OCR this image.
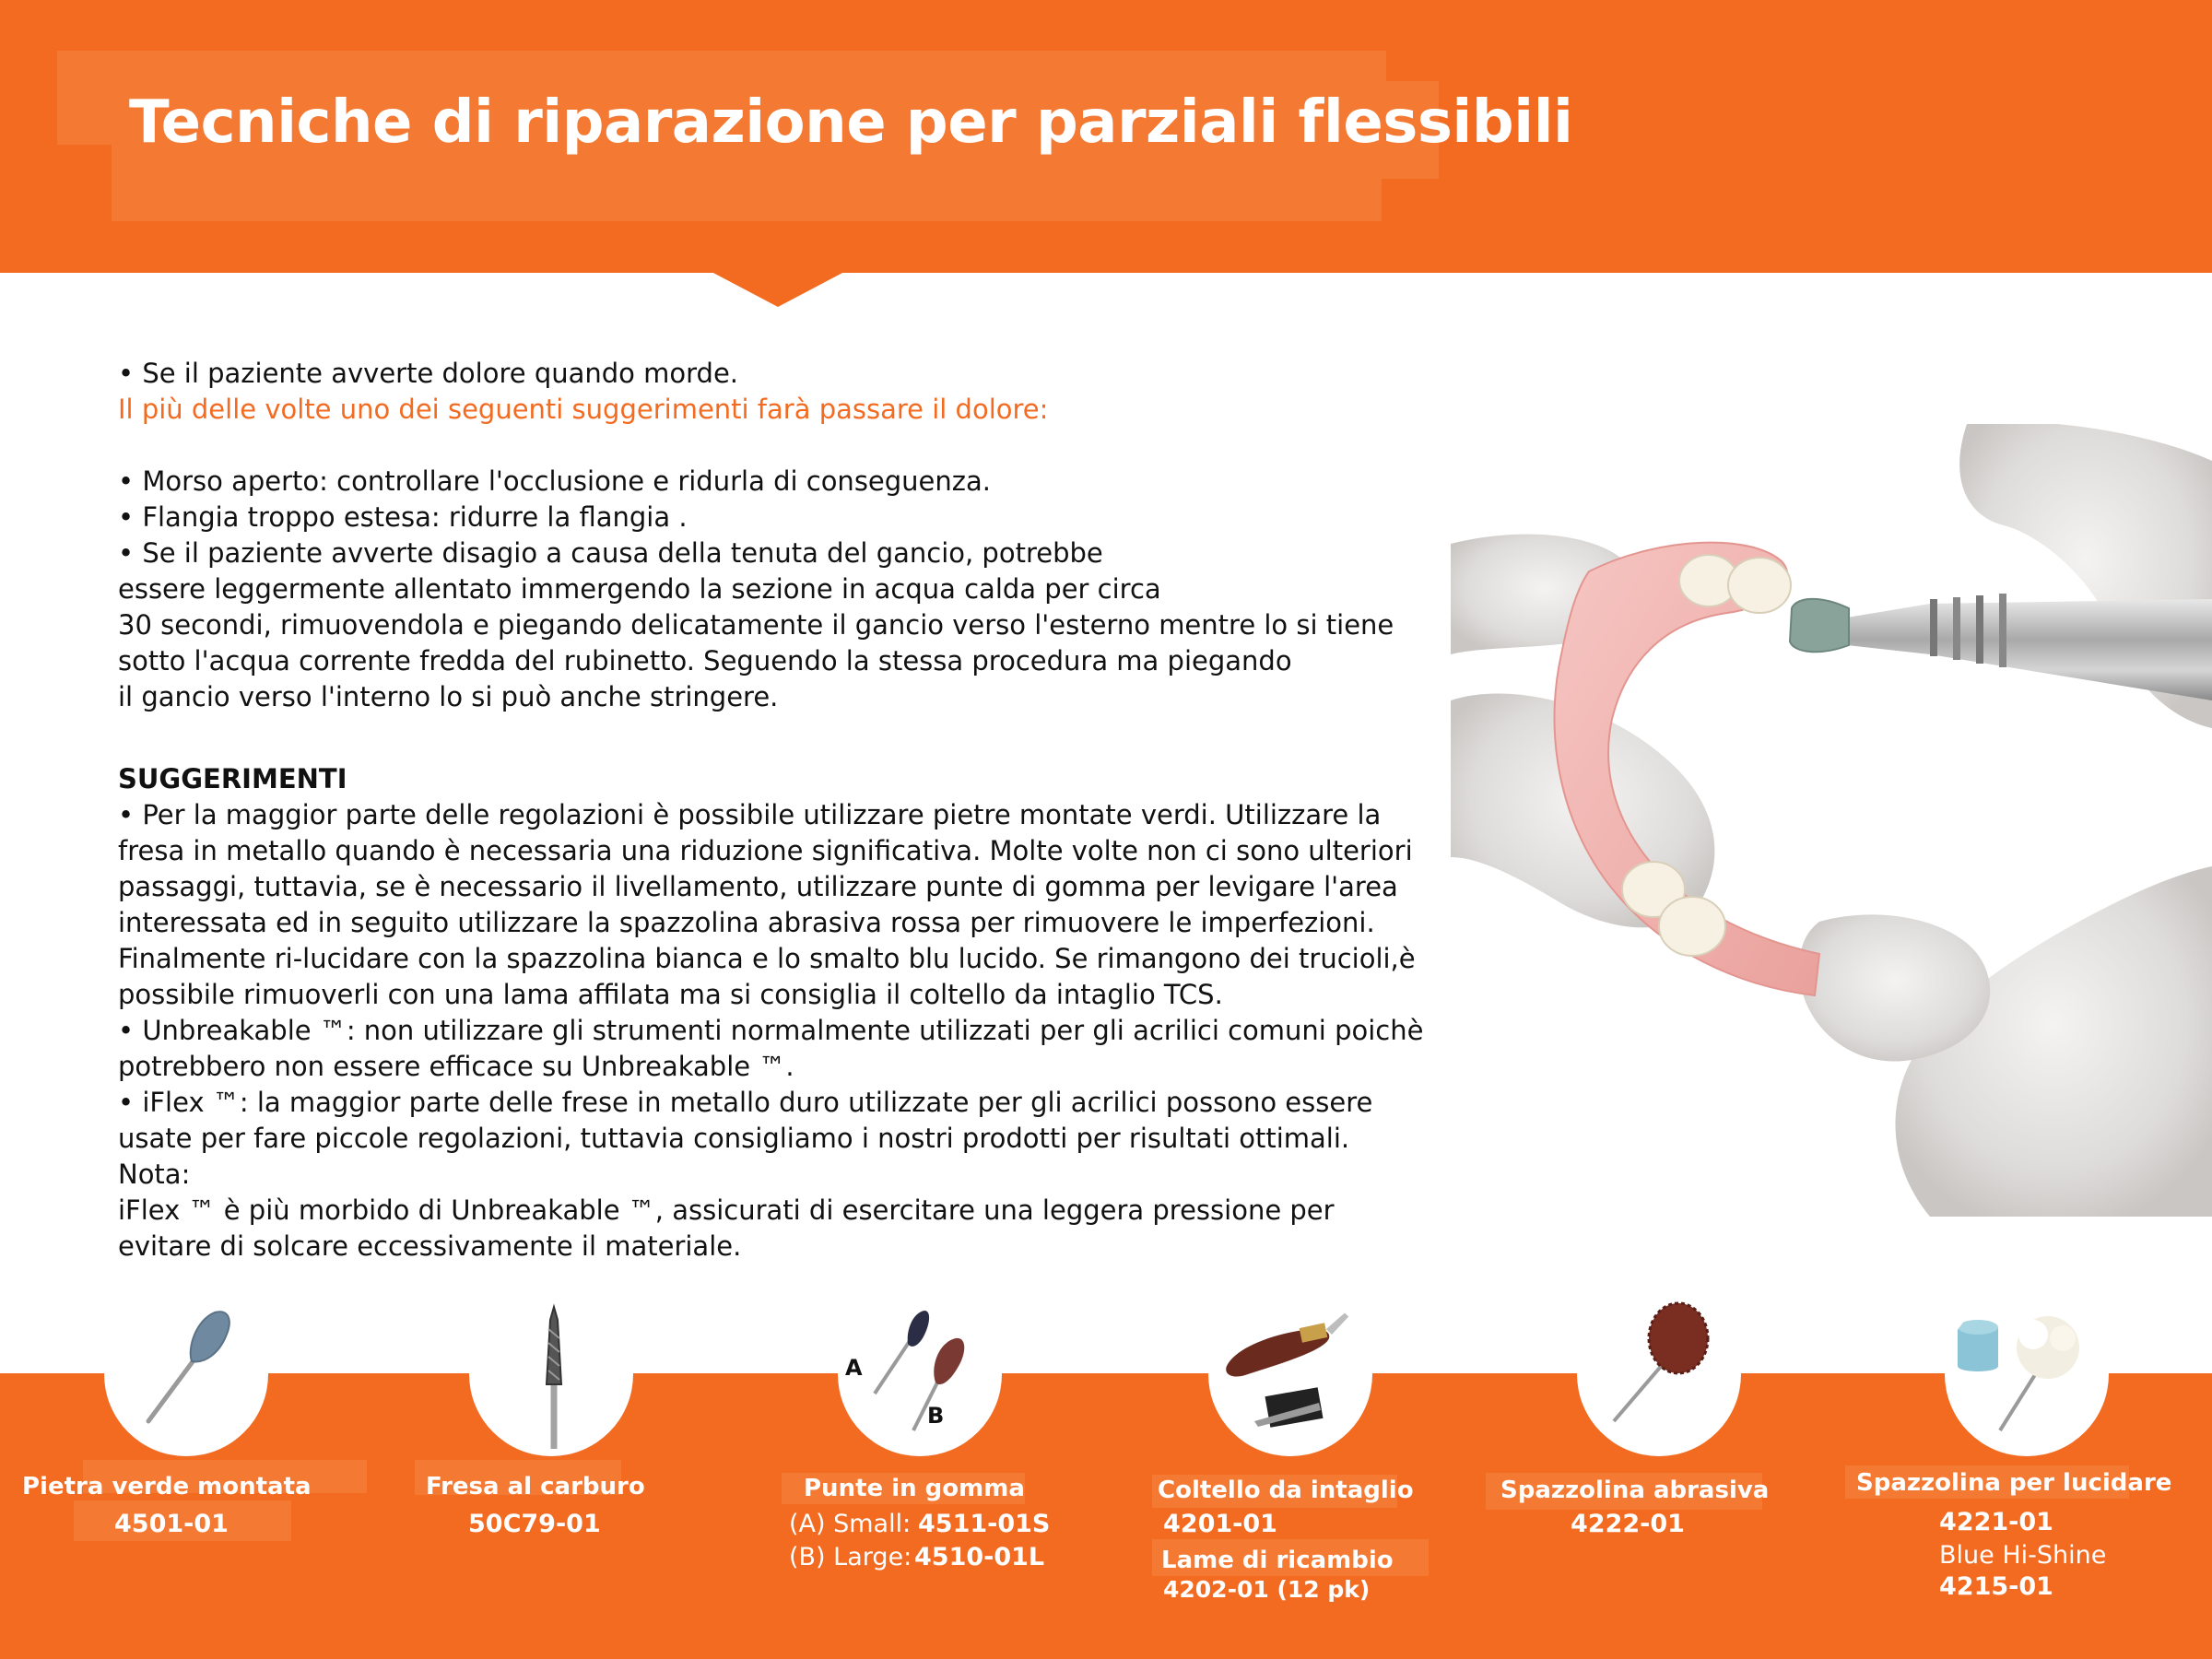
Tecniche di riparazione per parziali flessibili

• Se il paziente avverte dolore quando morde.

Il più delle volte uno dei seguenti suggerimenti farà passare il dolore:

• Morso aperto: controllare l'occlusione e ridurla di conseguenza.

• Flangia troppo estesa: ridurre la flangia .

• Se il paziente avverte disagio a causa della tenuta del gancio, potrebbe

essere leggermente allentato immergendo la sezione in acqua calda per circa

30 secondi, rimuovendola e piegando delicatamente il gancio verso l'esterno mentre lo si tiene

sotto l'acqua corrente fredda del rubinetto. Seguendo la stessa procedura ma piegando

il gancio verso l'interno lo si può anche stringere.

SUGGERIMENTI

• Per la maggior parte delle regolazioni è possibile utilizzare pietre montate verdi. Utilizzare la

fresa in metallo quando è necessaria una riduzione significativa. Molte volte non ci sono ulteriori

passaggi, tuttavia, se è necessario il livellamento, utilizzare punte di gomma per levigare l'area

interessata ed in seguito utilizzare la spazzolina abrasiva rossa per rimuovere le imperfezioni.

Finalmente ri-lucidare con la spazzolina bianca e lo smalto blu lucido. Se rimangono dei trucioli,è

possibile rimuoverli con una lama affilata ma si consiglia il coltello da intaglio TCS.

• Unbreakable ™: non utilizzare gli strumenti normalmente utilizzati per gli acrilici comuni poichè

potrebbero non essere efficace su Unbreakable ™.

• iFlex ™: la maggior parte delle frese in metallo duro utilizzate per gli acrilici possono essere

usate per fare piccole regolazioni, tuttavia consigliamo i nostri prodotti per risultati ottimali.

Nota:

iFlex ™ è più morbido di Unbreakable ™, assicurati di esercitare una leggera pressione per

evitare di solcare eccessivamente il materiale.

A
B
Pietra verde montata
4501-01
Fresa al carburo
50C79-01
Punte in gomma
(A) Small: 4511-01S
(B) Large: 4510-01L
Coltello da intaglio
4201-01
Lame di ricambio
4202-01 (12 pk)
Spazzolina abrasiva
4222-01
Spazzolina per lucidare
4221-01
Blue Hi-Shine
4215-01
